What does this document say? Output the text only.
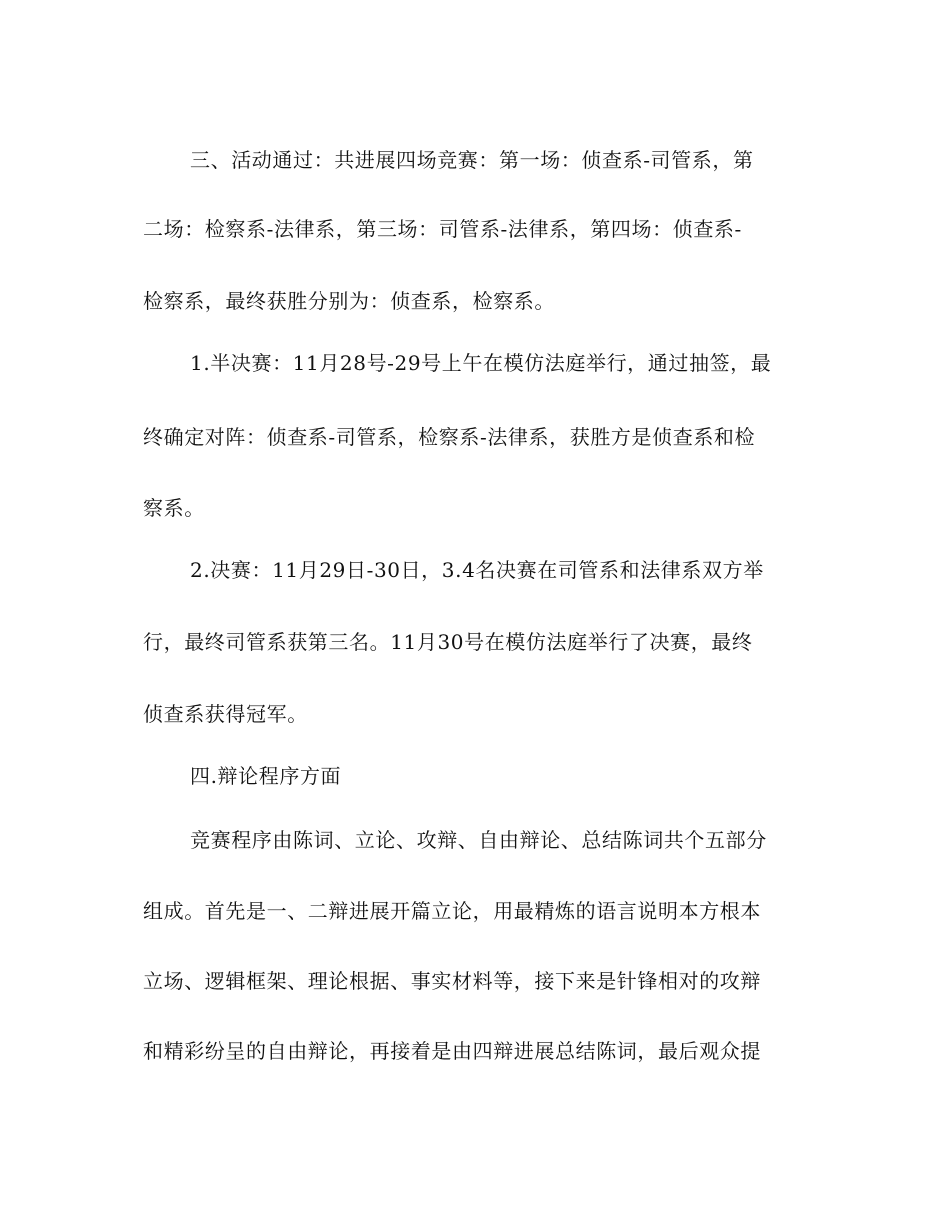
三、活动通过：共进展四场竞赛：第一场：侦查系-司管系，第
二场：检察系-法律系，第三场：司管系-法律系，第四场：侦查系-
检察系，最终获胜分别为：侦查系，检察系。
1.半决赛：11月28号-29号上午在模仿法庭举行，通过抽签，最
终确定对阵：侦查系-司管系，检察系-法律系，获胜方是侦查系和检
察系。
2.决赛：11月29日-30日，3.4名决赛在司管系和法律系双方举
行，最终司管系获第三名。11月30号在模仿法庭举行了决赛，最终
侦查系获得冠军。
四.辩论程序方面
竞赛程序由陈词、立论、攻辩、自由辩论、总结陈词共个五部分
组成。首先是一、二辩进展开篇立论，用最精炼的语言说明本方根本
立场、逻辑框架、理论根据、事实材料等，接下来是针锋相对的攻辩
和精彩纷呈的自由辩论，再接着是由四辩进展总结陈词，最后观众提
